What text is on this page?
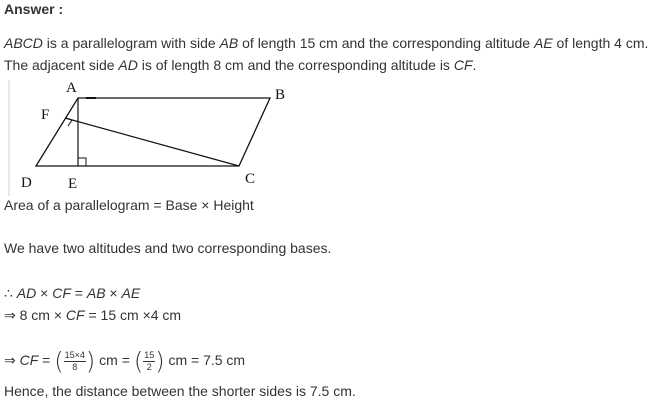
Answer :
ABCD is a parallelogram with side AB of length 15 cm and the corresponding altitude AE of length 4 cm.
The adjacent side AD is of length 8 cm and the corresponding altitude is CF.
A	B
C
D E
F
Area of a parallelogram = Base × Height
We have two altitudes and two corresponding bases.
∴ AD × CF = AB × AE
⇒ 8 cm × CF = 15 cm ×4 cm
⇒ CF = ( $\frac{15\times 4}{8}$ ) cm = ( $\frac{15}{2}$ ) cm = 7.5 cm
Hence, the distance between the shorter sides is 7.5 cm.
